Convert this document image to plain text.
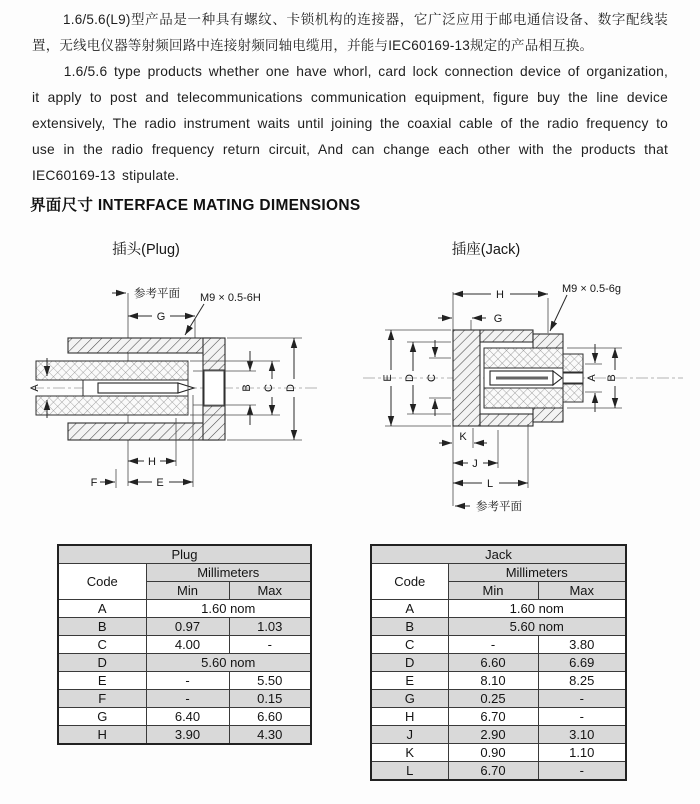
1.6/5.6(L9)型产品是一种具有螺纹、卡锁机构的连接器，它广泛应用于邮电通信设备、数字配线装置，无线电仪器等射频回路中连接射频同轴电缆用，并能与IEC60169-13规定的产品相互换。

1.6/5.6 type products whether one have whorl, card lock connection device of organization, it apply to post and telecommunications communication equipment, figure buy the line device extensively, The radio instrument waits until joining the coaxial cable of the radio frequency to use in the radio frequency return circuit, And can change each other with the products that IEC60169-13 stipulate.

界面尺寸 INTERFACE MATING DIMENSIONS
插头(Plug)	插座(Jack)
参考平面
G
M9 × 0.5-6H
A	B C D
H
F	E
H
G
M9 × 0.5-6g
E D C	A B
K
J
L
参考平面
Plug		
Code	Millimeters	
	Min	Max
A	1.60 nom	
B	0.97	1.03
C	4.00	-
D	5.60 nom	
E	-	5.50
F	-	0.15
G	6.40	6.60
H	3.90	4.30
Jack		
Code	Millimeters	
	Min	Max
A	1.60 nom	
B	5.60 nom	
C	-	3.80
D	6.60	6.69
E	8.10	8.25
G	0.25	-
H	6.70	-
J	2.90	3.10
K	0.90	1.10
L	6.70	-
